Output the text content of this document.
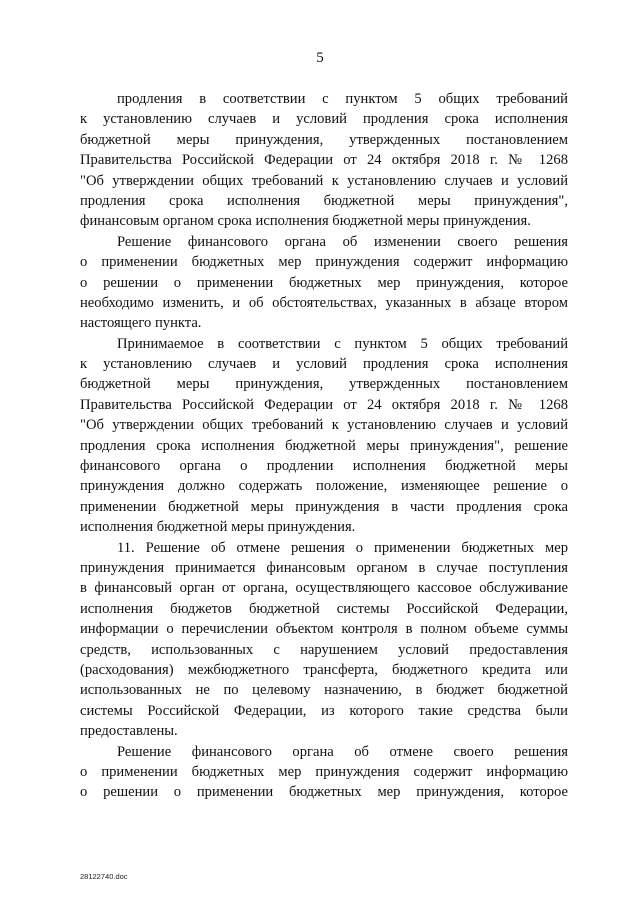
5
продления в соответствии с пунктом 5 общих требований
к установлению случаев и условий продления срока исполнения
бюджетной меры принуждения, утвержденных постановлением
Правительства Российской Федерации от 24 октября 2018 г. № 1268
"Об утверждении общих требований к установлению случаев и условий
продления срока исполнения бюджетной меры принуждения",
финансовым органом срока исполнения бюджетной меры принуждения.
Решение финансового органа об изменении своего решения
о применении бюджетных мер принуждения содержит информацию
о решении о применении бюджетных мер принуждения, которое
необходимо изменить, и об обстоятельствах, указанных в абзаце втором
настоящего пункта.
Принимаемое в соответствии с пунктом 5 общих требований
к установлению случаев и условий продления срока исполнения
бюджетной меры принуждения, утвержденных постановлением
Правительства Российской Федерации от 24 октября 2018 г. № 1268
"Об утверждении общих требований к установлению случаев и условий
продления срока исполнения бюджетной меры принуждения", решение
финансового органа о продлении исполнения бюджетной меры
принуждения должно содержать положение, изменяющее решение о
применении бюджетной меры принуждения в части продления срока
исполнения бюджетной меры принуждения.
11. Решение об отмене решения о применении бюджетных мер
принуждения принимается финансовым органом в случае поступления
в финансовый орган от органа, осуществляющего кассовое обслуживание
исполнения бюджетов бюджетной системы Российской Федерации,
информации о перечислении объектом контроля в полном объеме суммы
средств, использованных с нарушением условий предоставления
(расходования) межбюджетного трансферта, бюджетного кредита или
использованных не по целевому назначению, в бюджет бюджетной
системы Российской Федерации, из которого такие средства были
предоставлены.
Решение финансового органа об отмене своего решения
о применении бюджетных мер принуждения содержит информацию
о решении о применении бюджетных мер принуждения, которое
28122740.doc
